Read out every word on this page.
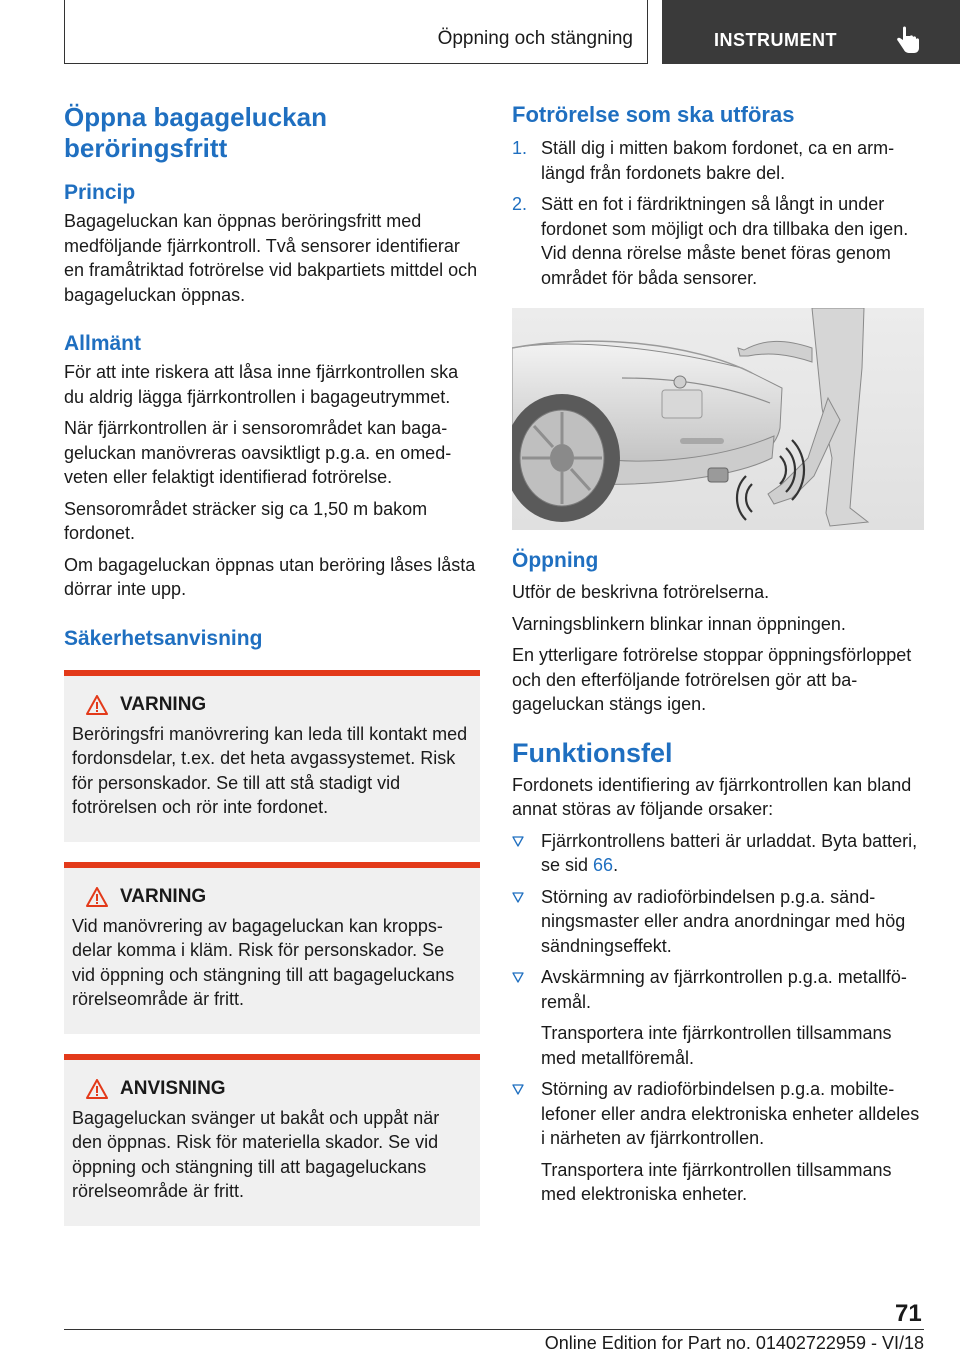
Öppning och stängning	INSTRUMENT
Öppna bagageluckan
beröringsfritt
Princip

Bagageluckan kan öppnas beröringsfritt med medföljande fjärrkontroll. Två sensorer identifierar en framåtriktad fotrörelse vid bakpartiets mittdel och bagageluckan öppnas.

Allmänt

För att inte riskera att låsa inne fjärrkontrollen ska du aldrig lägga fjärrkontrollen i bagageutrymmet.

När fjärrkontrollen är i sensorområdet kan bagageluckan manövreras oavsiktligt p.g.a. en omedveten eller felaktigt identifierad fotrörelse.

Sensorområdet sträcker sig ca 1,50 m bakom fordonet.

Om bagageluckan öppnas utan beröring låses låsta dörrar inte upp.

Säkerhetsanvisning
VARNING

Beröringsfri manövrering kan leda till kontakt med fordonsdelar, t.ex. det heta avgassystemet. Risk för personskador. Se till att stå stadigt vid fotrörelsen och rör inte fordonet.

VARNING

Vid manövrering av bagageluckan kan kroppsdelar komma i kläm. Risk för personskador. Se vid öppning och stängning till att bagageluckans rörelseområde är fritt.

ANVISNING

Bagageluckan svänger ut bakåt och uppåt när den öppnas. Risk för materiella skador. Se vid öppning och stängning till att bagageluckans rörelseområde är fritt.

Fotrörelse som ska utföras
1. Ställ dig i mitten bakom fordonet, ca en armlängd från fordonets bakre del.
2. Sätt en fot i färdriktningen så långt in under fordonet som möjligt och dra tillbaka den igen. Vid denna rörelse måste benet föras genom området för båda sensorer.
Öppning

Utför de beskrivna fotrörelserna.

Varningsblinkern blinkar innan öppningen.

En ytterligare fotrörelse stoppar öppningsförloppet och den efterföljande fotrörelsen gör att bagageluckan stängs igen.

Funktionsfel

Fordonets identifiering av fjärrkontrollen kan bland annat störas av följande orsaker:

Fjärrkontrollens batteri är urladdat. Byta batteri, se sid 66.
Störning av radioförbindelsen p.g.a. sändningsmaster eller andra anordningar med hög sändningseffekt.
Avskärmning av fjärrkontrollen p.g.a. metallföremål.
Transportera inte fjärrkontrollen tillsammans med metallföremål.
Störning av radioförbindelsen p.g.a. mobiltelefoner eller andra elektroniska enheter alldeles i närheten av fjärrkontrollen.
Transportera inte fjärrkontrollen tillsammans med elektroniska enheter.
71
Online Edition for Part no. 01402722959 - VI/18
